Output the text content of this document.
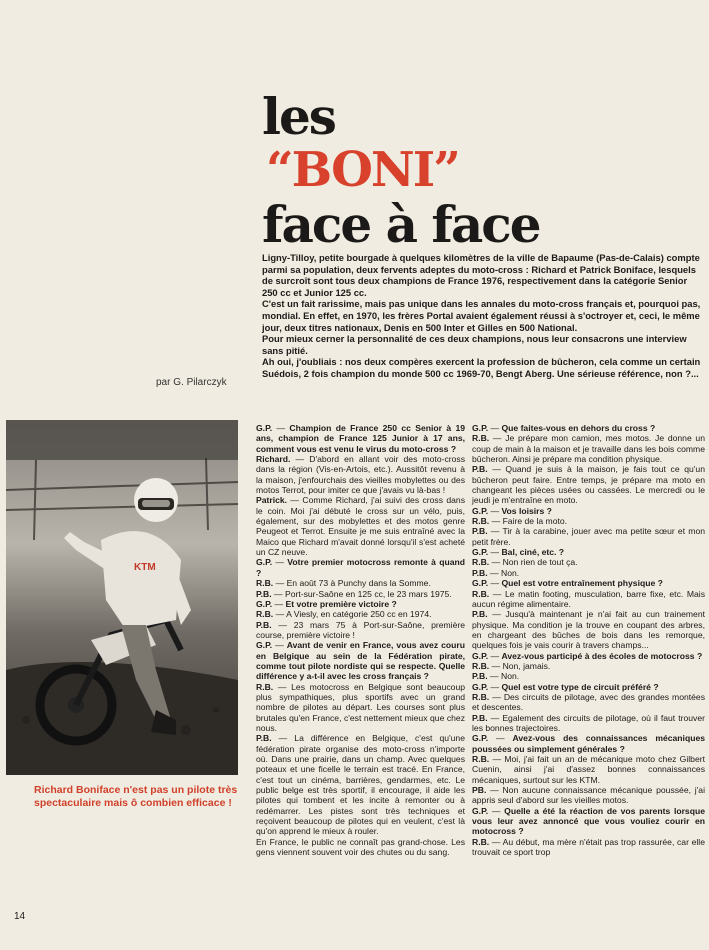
les
“BONI”
face à face

Ligny-Tilloy, petite bourgade à quelques kilomètres de la ville de Bapaume (Pas-de-Calais) compte parmi sa population, deux fervents adeptes du moto-cross : Richard et Patrick Boniface, lesquels de surcroît sont tous deux champions de France 1976, respectivement dans la catégorie Senior 250 cc et Junior 125 cc.

C'est un fait rarissime, mais pas unique dans les annales du moto-cross français et, pourquoi pas, mondial. En effet, en 1970, les frères Portal avaient également réussi à s'octroyer et, ceci, le même jour, deux titres nationaux, Denis en 500 Inter et Gilles en 500 National.

Pour mieux cerner la personnalité de ces deux champions, nous leur consacrons une interview sans pitié.

Ah oui, j'oubliais : nos deux compères exercent la profession de bûcheron, cela comme un certain Suédois, 2 fois champion du monde 500 cc 1969-70, Bengt Aberg. Une sérieuse référence, non ?...

par G. Pilarczyk
KTM
Richard Boniface n'est pas un pilote très spectaculaire mais ô combien efficace !

G.P. — Champion de France 250 cc Senior à 19 ans, champion de France 125 Junior à 17 ans, comment vous est venu le virus du moto-cross ?

Richard. — D'abord en allant voir des moto-cross dans la région (Vis-en-Artois, etc.). Aussitôt revenu à la maison, j'enfourchais des vieilles mobylettes ou des motos Terrot, pour imiter ce que j'avais vu là-bas !

Patrick. — Comme Richard, j'ai suivi des cross dans le coin. Moi j'ai débuté le cross sur un vélo, puis, également, sur des mobylettes et des motos genre Peugeot et Terrot. Ensuite je me suis entraîné avec la Maico que Richard m'avait donné lorsqu'il s'est acheté un CZ neuve.

G.P. — Votre premier motocross remonte à quand ?

R.B. — En août 73 à Punchy dans la Somme.

P.B. — Port-sur-Saône en 125 cc, le 23 mars 1975.

G.P. — Et votre première victoire ?

R.B. — A Viesly, en catégorie 250 cc en 1974.

P.B. — 23 mars 75 à Port-sur-Saône, première course, première victoire !

G.P. — Avant de venir en France, vous avez couru en Belgique au sein de la Fédération pirate, comme tout pilote nordiste qui se respecte. Quelle différence y a-t-il avec les cross français ?

R.B. — Les motocross en Belgique sont beaucoup plus sympathiques, plus sportifs avec un grand nombre de pilotes au départ. Les courses sont plus brutales qu'en France, c'est nettement mieux que chez nous.

P.B. — La différence en Belgique, c'est qu'une fédération pirate organise des moto-cross n'importe où. Dans une prairie, dans un champ. Avec quelques poteaux et une ficelle le terrain est tracé. En France, c'est tout un cinéma, barrières, gendarmes, etc. Le public belge est très sportif, il encourage, il aide les pilotes qui tombent et les incite à remonter ou à redémarrer. Les pistes sont très techniques et reçoivent beaucoup de pilotes qui en veulent, c'est là qu'on apprend le mieux à rouler.

En France, le public ne connaît pas grand-chose. Les gens viennent souvent voir des chutes ou du sang.

G.P. — Que faites-vous en dehors du cross ?

R.B. — Je prépare mon camion, mes motos. Je donne un coup de main à la maison et je travaille dans les bois comme bûcheron. Ainsi je prépare ma condition physique.

P.B. — Quand je suis à la maison, je fais tout ce qu'un bûcheron peut faire. Entre temps, je prépare ma moto en changeant les pièces usées ou cassées. Le mercredi ou le jeudi je m'entraîne en moto.

G.P. — Vos loisirs ?

R.B. — Faire de la moto.

P.B. — Tir à la carabine, jouer avec ma petite sœur et mon petit frère.

G.P. — Bal, ciné, etc. ?

R.B. — Non rien de tout ça.

P.B. — Non.

G.P. — Quel est votre entraînement physique ?

R.B. — Le matin footing, musculation, barre fixe, etc. Mais aucun régime alimentaire.

P.B. — Jusqu'à maintenant je n'ai fait au cun trainement physique. Ma condition je la trouve en coupant des arbres, en chargeant des bûches de bois dans les remorque, quelques fois je vais courir à travers champs...

G.P. — Avez-vous participé à des écoles de motocross ?

R.B. — Non, jamais.

P.B. — Non.

G.P. — Quel est votre type de circuit préféré ?

R.B. — Des circuits de pilotage, avec des grandes montées et descentes.

P.B. — Egalement des circuits de pilotage, où il faut trouver les bonnes trajectoires.

G.P. — Avez-vous des connaissances mécaniques poussées ou simplement générales ?

R.B. — Moi, j'ai fait un an de mécanique moto chez Gilbert Cuenin, ainsi j'ai d'assez bonnes connaissances mécaniques, surtout sur les KTM.

PB. — Non aucune connaissance mécanique poussée, j'ai appris seul d'abord sur les vieilles motos.

G.P. — Quelle a été la réaction de vos parents lorsque vous leur avez annoncé que vous vouliez courir en motocross ?

R.B. — Au début, ma mère n'était pas trop rassurée, car elle trouvait ce sport trop

14
